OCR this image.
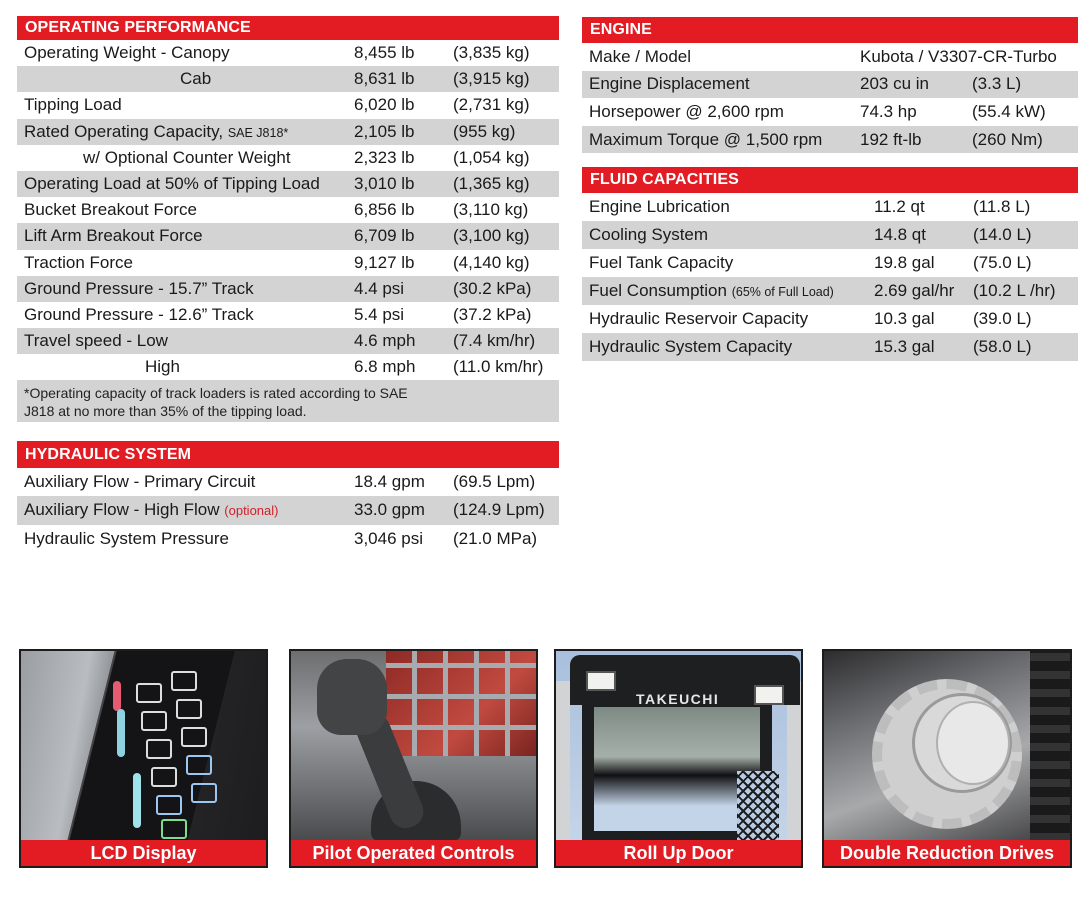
OPERATING PERFORMANCE
Operating Weight - Canopy	8,455 lb (3,835 kg)
Cab	8,631 lb (3,915 kg)
Tipping Load	6,020 lb (2,731 kg)
Rated Operating Capacity, SAE J818*	2,105 lb (955 kg)
w/ Optional Counter Weight	2,323 lb (1,054 kg)
Operating Load at 50% of Tipping Load 3,010 lb (1,365 kg)
Bucket Breakout Force	6,856 lb (3,110 kg)
Lift Arm Breakout Force	6,709 lb (3,100 kg)
Traction Force	9,127 lb (4,140 kg)
Ground Pressure - 15.7” Track	4.4 psi	(30.2 kPa)
Ground Pressure - 12.6” Track	5.4 psi	(37.2 kPa)
Travel speed - Low	4.6 mph (7.4 km/hr)
High	6.8 mph (11.0 km/hr)
*Operating capacity of track loaders is rated according to SAE
J818 at no more than 35% of the tipping load.
HYDRAULIC SYSTEM
Auxiliary Flow - Primary Circuit	18.4 gpm (69.5 Lpm)
Auxiliary Flow - High Flow (optional)	33.0 gpm (124.9 Lpm)
Hydraulic System Pressure	3,046 psi (21.0 MPa)
ENGINE
Make / Model	Kubota / V3307-CR-Turbo
Engine Displacement	203 cu in	(3.3 L)
Horsepower @ 2,600 rpm	74.3 hp	(55.4 kW)
Maximum Torque @ 1,500 rpm 192 ft-lb	(260 Nm)
FLUID CAPACITIES
Engine Lubrication	11.2 qt	(11.8 L)
Cooling System	14.8 qt	(14.0 L)
Fuel Tank Capacity	19.8 gal (75.0 L)
Fuel Consumption (65% of Full Load) 2.69 gal/hr (10.2 L /hr)
Hydraulic Reservoir Capacity	10.3 gal (39.0 L)
Hydraulic System Capacity	15.3 gal (58.0 L)
LCD Display	Pilot Operated Controls
TAKEUCHI
Roll Up Door	Double Reduction Drives
